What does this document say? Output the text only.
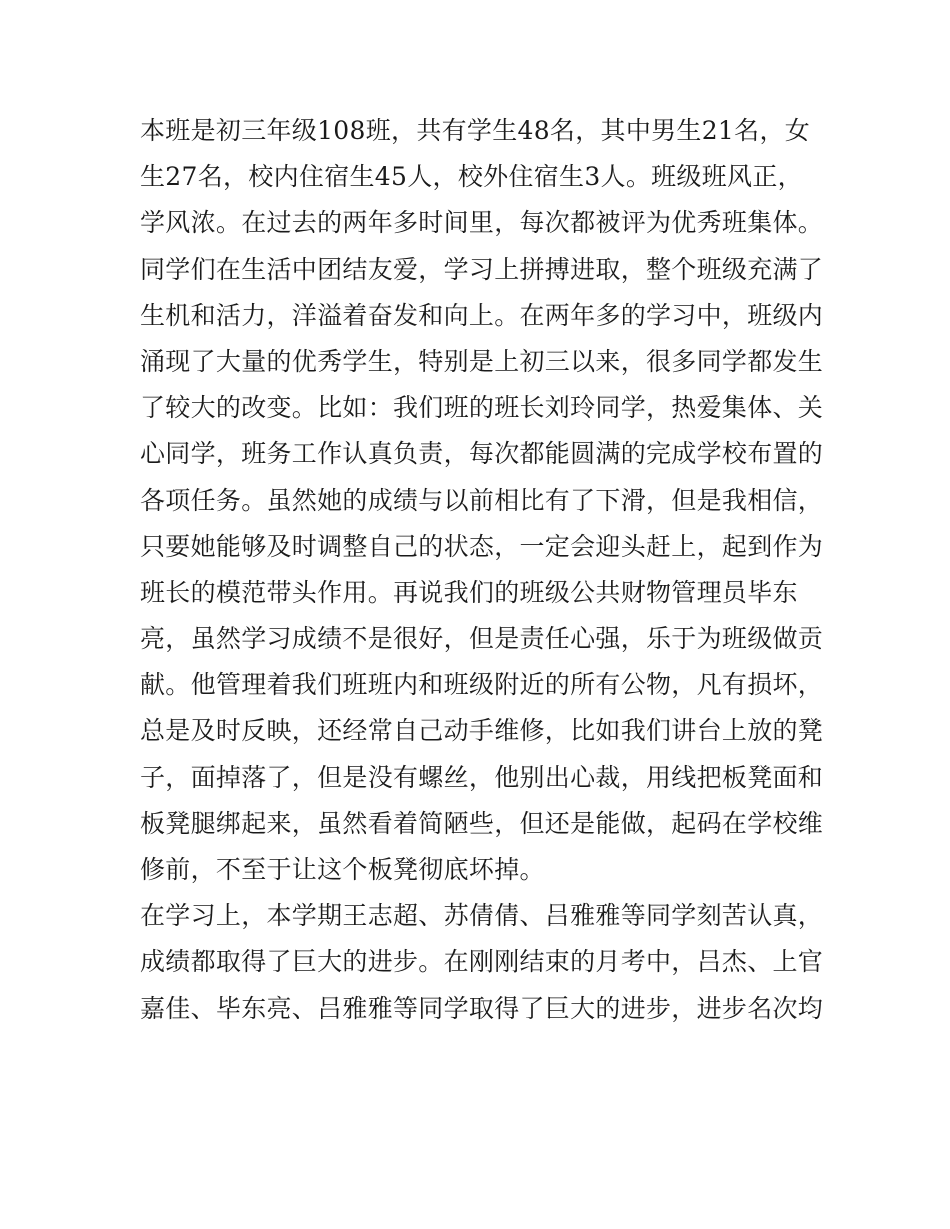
本班是初三年级108班，共有学生48名，其中男生21名，女
生27名，校内住宿生45人，校外住宿生3人。班级班风正，
学风浓。在过去的两年多时间里，每次都被评为优秀班集体。
同学们在生活中团结友爱，学习上拼搏进取，整个班级充满了
生机和活力，洋溢着奋发和向上。在两年多的学习中，班级内
涌现了大量的优秀学生，特别是上初三以来，很多同学都发生
了较大的改变。比如：我们班的班长刘玲同学，热爱集体、关
心同学，班务工作认真负责，每次都能圆满的完成学校布置的
各项任务。虽然她的成绩与以前相比有了下滑，但是我相信，
只要她能够及时调整自己的状态，一定会迎头赶上，起到作为
班长的模范带头作用。再说我们的班级公共财物管理员毕东
亮，虽然学习成绩不是很好，但是责任心强，乐于为班级做贡
献。他管理着我们班班内和班级附近的所有公物，凡有损坏，
总是及时反映，还经常自己动手维修，比如我们讲台上放的凳
子，面掉落了，但是没有螺丝，他别出心裁，用线把板凳面和
板凳腿绑起来，虽然看着简陋些，但还是能做，起码在学校维
修前，不至于让这个板凳彻底坏掉。
在学习上，本学期王志超、苏倩倩、吕雅雅等同学刻苦认真，
成绩都取得了巨大的进步。在刚刚结束的月考中，吕杰、上官
嘉佳、毕东亮、吕雅雅等同学取得了巨大的进步，进步名次均
